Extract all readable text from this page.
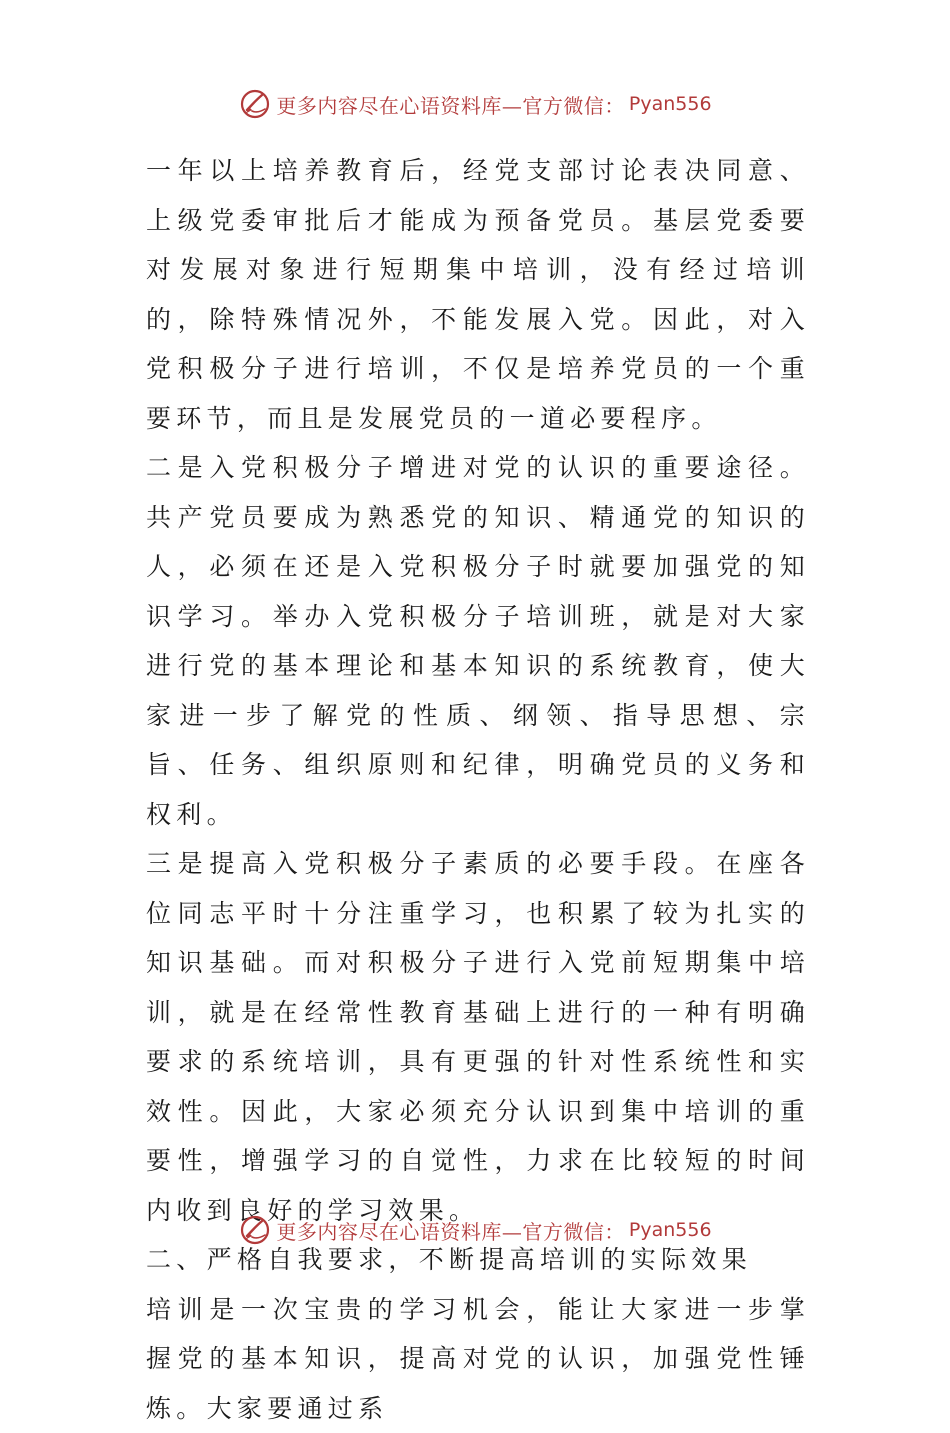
更多内容尽在心语资料库—官方微信： Pyan556

一年以上培养教育后，经党支部讨论表决同意、上级党委审批后才能成为预备党员。基层党委要对发展对象进行短期集中培训，没有经过培训的，除特殊情况外，不能发展入党。因此，对入党积极分子进行培训，不仅是培养党员的一个重要环节，而且是发展党员的一道必要程序。

二是入党积极分子增进对党的认识的重要途径。共产党员要成为熟悉党的知识、精通党的知识的人，必须在还是入党积极分子时就要加强党的知识学习。举办入党积极分子培训班，就是对大家进行党的基本理论和基本知识的系统教育，使大家进一步了解党的性质、纲领、指导思想、宗旨、任务、组织原则和纪律，明确党员的义务和权利。

三是提高入党积极分子素质的必要手段。在座各位同志平时十分注重学习，也积累了较为扎实的知识基础。而对积极分子进行入党前短期集中培训，就是在经常性教育基础上进行的一种有明确要求的系统培训，具有更强的针对性系统性和实效性。因此，大家必须充分认识到集中培训的重要性，增强学习的自觉性，力求在比较短的时间内收到良好的学习效果。

二、严格自我要求，不断提高培训的实际效果

培训是一次宝贵的学习机会，能让大家进一步掌握党的基本知识，提高对党的认识，加强党性锤炼。大家要通过系

更多内容尽在心语资料库—官方微信： Pyan556
